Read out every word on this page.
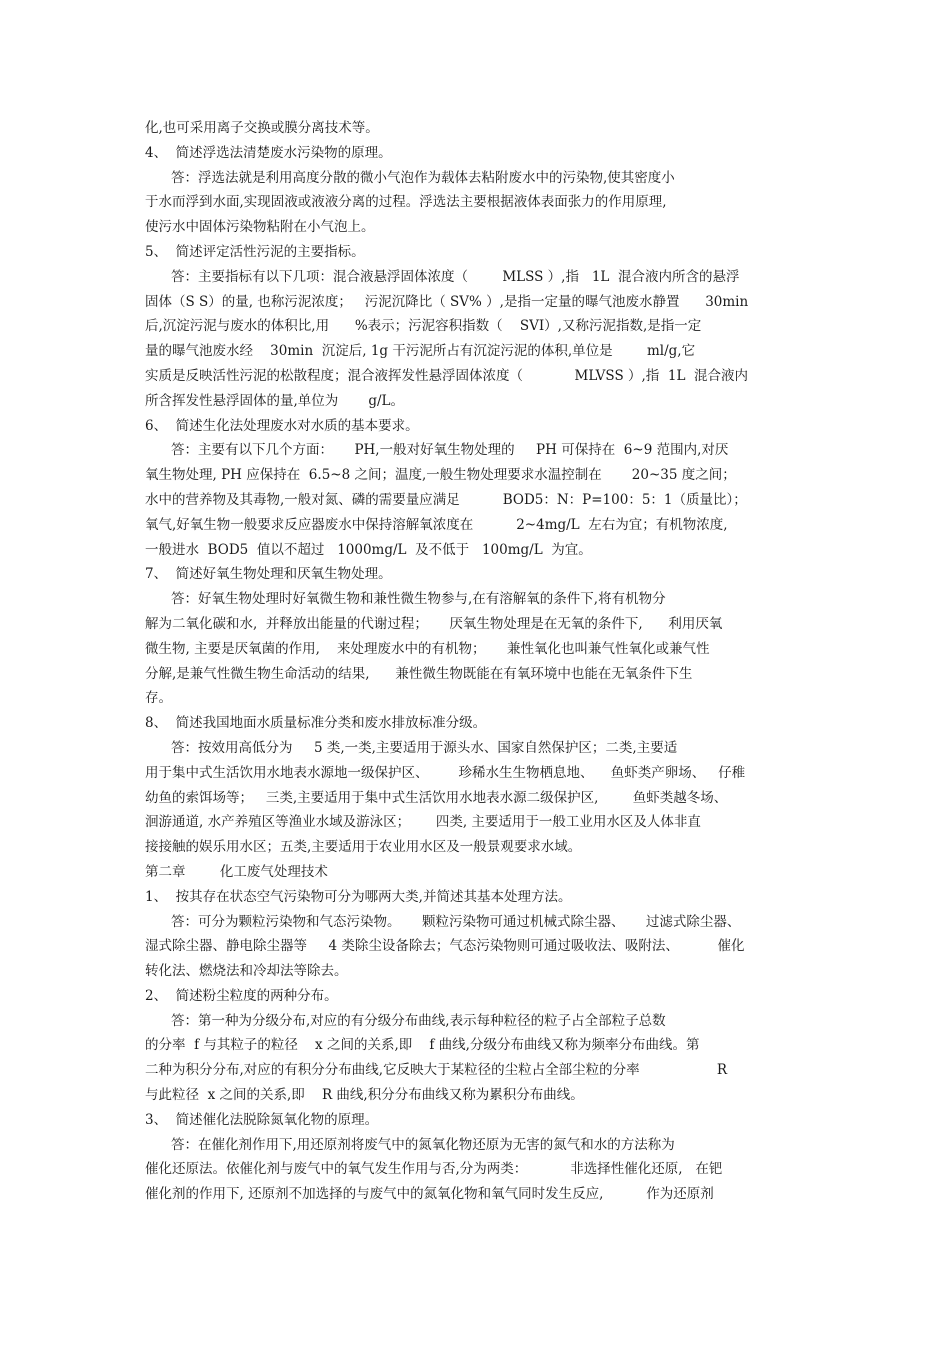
化,也可采用离子交换或膜分离技术等。
4、  简述浮选法清楚废水污染物的原理。
答：浮选法就是利用高度分散的微小气泡作为载体去粘附废水中的污染物,使其密度小
于水而浮到水面,实现固液或液液分离的过程。浮选法主要根据液体表面张力的作用原理,
使污水中固体污染物粘附在小气泡上。
5、  简述评定活性污泥的主要指标。
答：主要指标有以下几项：混合液悬浮固体浓度（        MLSS ）,指   1L  混合液内所含的悬浮
固体（S S）的量, 也称污泥浓度；   污泥沉降比（ SV% ）,是指一定量的曝气池废水静置      30min
后,沉淀污泥与废水的体积比,用      %表示；污泥容积指数（    SVI）,又称污泥指数,是指一定
量的曝气池废水经    30min  沉淀后, 1g 干污泥所占有沉淀污泥的体积,单位是        ml/g,它
实质是反映活性污泥的松散程度；混合液挥发性悬浮固体浓度（            MLVSS ）,指  1L  混合液内
所含挥发性悬浮固体的量,单位为       g/L。
6、  简述生化法处理废水对水质的基本要求。
答：主要有以下几个方面：     PH,一般对好氧生物处理的     PH 可保持在  6~9 范围内,对厌
氧生物处理, PH 应保持在  6.5~8 之间；温度,一般生物处理要求水温控制在       20~35 度之间；
水中的营养物及其毒物,一般对氮、磷的需要量应满足          BOD5：N：P=100：5：1（质量比）；
氧气,好氧生物一般要求反应器废水中保持溶解氧浓度在          2~4mg/L  左右为宜；有机物浓度,
一般进水  BOD5  值以不超过   1000mg/L  及不低于   100mg/L  为宜。
7、  简述好氧生物处理和厌氧生物处理。
答：好氧生物处理时好氧微生物和兼性微生物参与,在有溶解氧的条件下,将有机物分
解为二氧化碳和水,  并释放出能量的代谢过程；     厌氧生物处理是在无氧的条件下,      利用厌氧
微生物, 主要是厌氧菌的作用,    来处理废水中的有机物；     兼性氧化也叫兼气性氧化或兼气性
分解,是兼气性微生物生命活动的结果,      兼性微生物既能在有氧环境中也能在无氧条件下生
存。
8、  简述我国地面水质量标准分类和废水排放标准分级。
答：按效用高低分为     5 类,一类,主要适用于源头水、国家自然保护区；二类,主要适
用于集中式生活饮用水地表水源地一级保护区、       珍稀水生生物栖息地、    鱼虾类产卵场、   仔稚
幼鱼的索饵场等；   三类,主要适用于集中式生活饮用水地表水源二级保护区,        鱼虾类越冬场、
洄游通道, 水产养殖区等渔业水域及游泳区；      四类, 主要适用于一般工业用水区及人体非直
接接触的娱乐用水区；五类,主要适用于农业用水区及一般景观要求水域。
第二章        化工废气处理技术
1、  按其存在状态空气污染物可分为哪两大类,并简述其基本处理方法。
答：可分为颗粒污染物和气态污染物。     颗粒污染物可通过机械式除尘器、     过滤式除尘器、
湿式除尘器、静电除尘器等     4 类除尘设备除去；气态污染物则可通过吸收法、吸附法、         催化
转化法、燃烧法和冷却法等除去。
2、  简述粉尘粒度的两种分布。
答：第一种为分级分布,对应的有分级分布曲线,表示每种粒径的粒子占全部粒子总数
的分率  f 与其粒子的粒径    x 之间的关系,即    f 曲线,分级分布曲线又称为频率分布曲线。第
二种为积分分布,对应的有积分分布曲线,它反映大于某粒径的尘粒占全部尘粒的分率                  R
与此粒径  x 之间的关系,即    R 曲线,积分分布曲线又称为累积分布曲线。
3、  简述催化法脱除氮氧化物的原理。
答：在催化剂作用下,用还原剂将废气中的氮氧化物还原为无害的氮气和水的方法称为
催化还原法。依催化剂与废气中的氧气发生作用与否,分为两类：          非选择性催化还原,   在钯
催化剂的作用下, 还原剂不加选择的与废气中的氮氧化物和氧气同时发生反应,          作为还原剂
